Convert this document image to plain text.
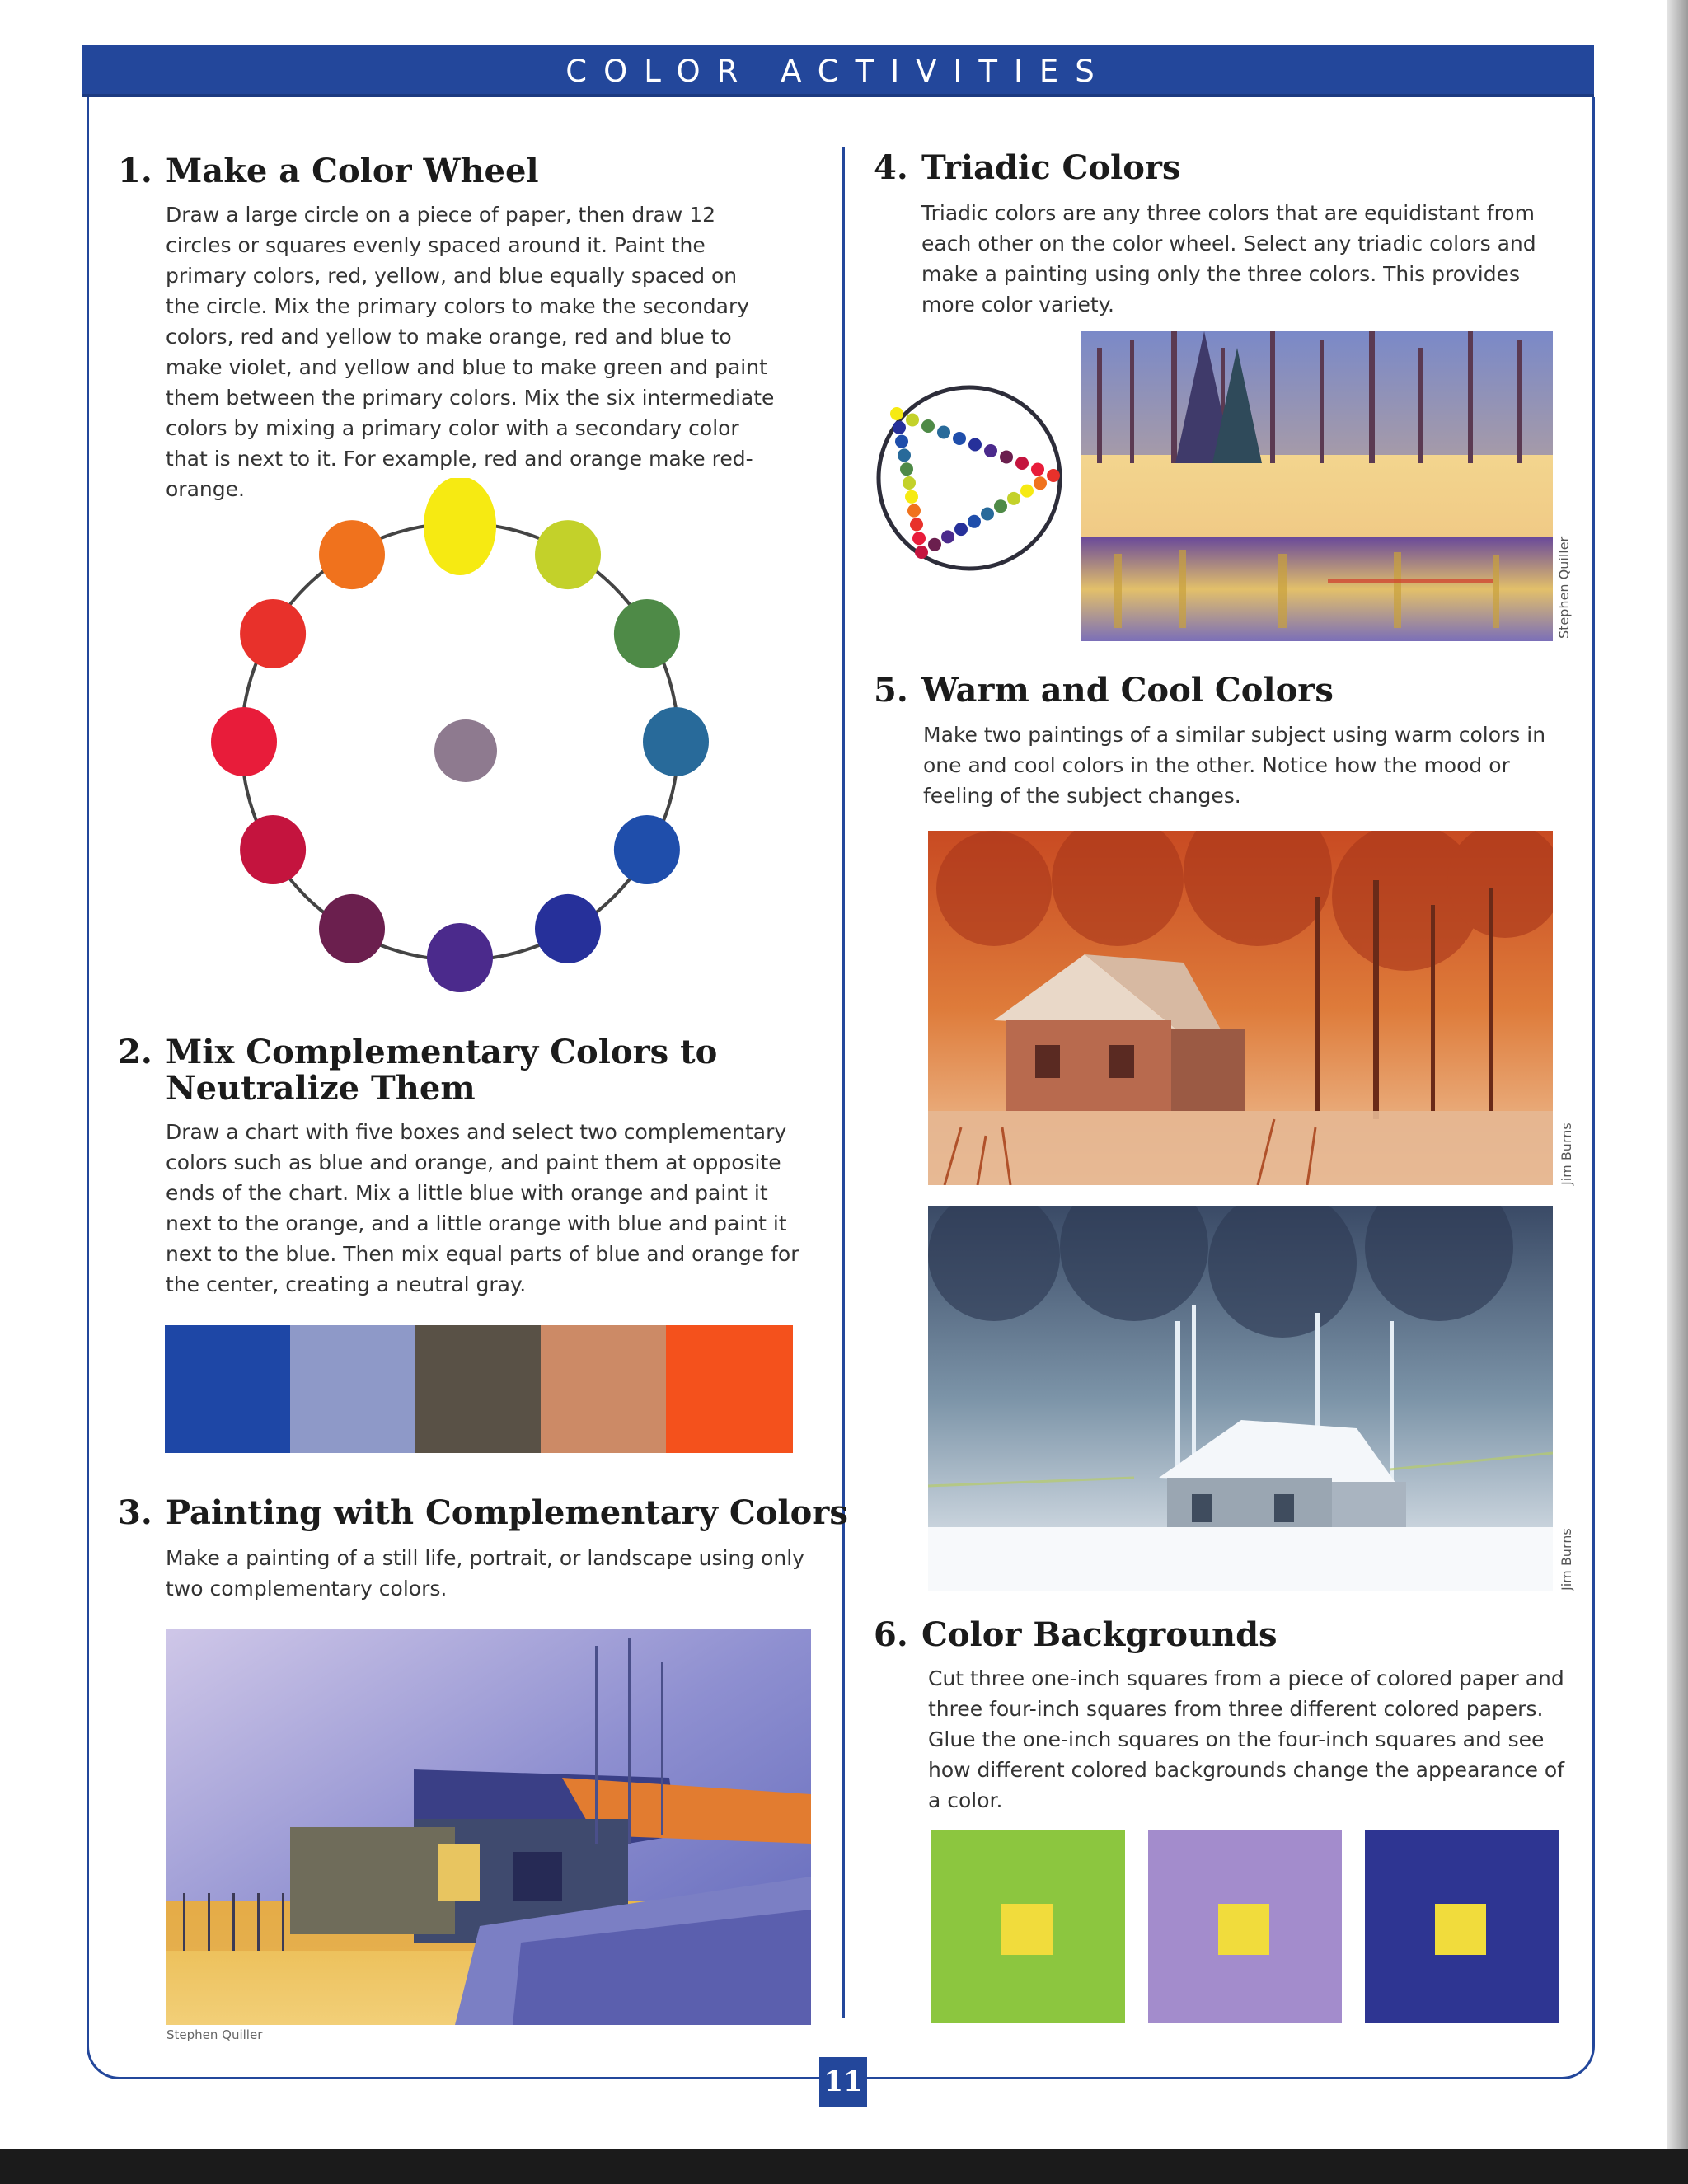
COLOR ACTIVITIES
1. Make a Color Wheel
Draw a large circle on a piece of paper, then draw 12 circles or squares evenly spaced around it. Paint the primary colors, red, yellow, and blue equally spaced on the circle. Mix the primary colors to make the secondary colors, red and yellow to make orange, red and blue to make violet, and yellow and blue to make green and paint them between the primary colors. Mix the six intermediate colors by mixing a primary color with a secondary color that is next to it. For example, red and orange make red-orange.
2. Mix Complementary Colors to
Neutralize Them
Draw a chart with five boxes and select two complementary colors such as blue and orange, and paint them at opposite ends of the chart. Mix a little blue with orange and paint it next to the orange, and a little orange with blue and paint it next to the blue. Then mix equal parts of blue and orange for the center, creating a neutral gray.
3. Painting with Complementary Colors
Make a painting of a still life, portrait, or landscape using only two complementary colors.
Stephen Quiller
4. Triadic Colors
Triadic colors are any three colors that are equidistant from each other on the color wheel. Select any triadic colors and make a painting using only the three colors. This provides more color variety.
Stephen Quiller
5. Warm and Cool Colors
Make two paintings of a similar subject using warm colors in one and cool colors in the other. Notice how the mood or feeling of the subject changes.
Jim Burns
Jim Burns
6. Color Backgrounds
Cut three one-inch squares from a piece of colored paper and three four-inch squares from three different colored papers. Glue the one-inch squares on the four-inch squares and see how different colored backgrounds change the appearance of a color.
11
